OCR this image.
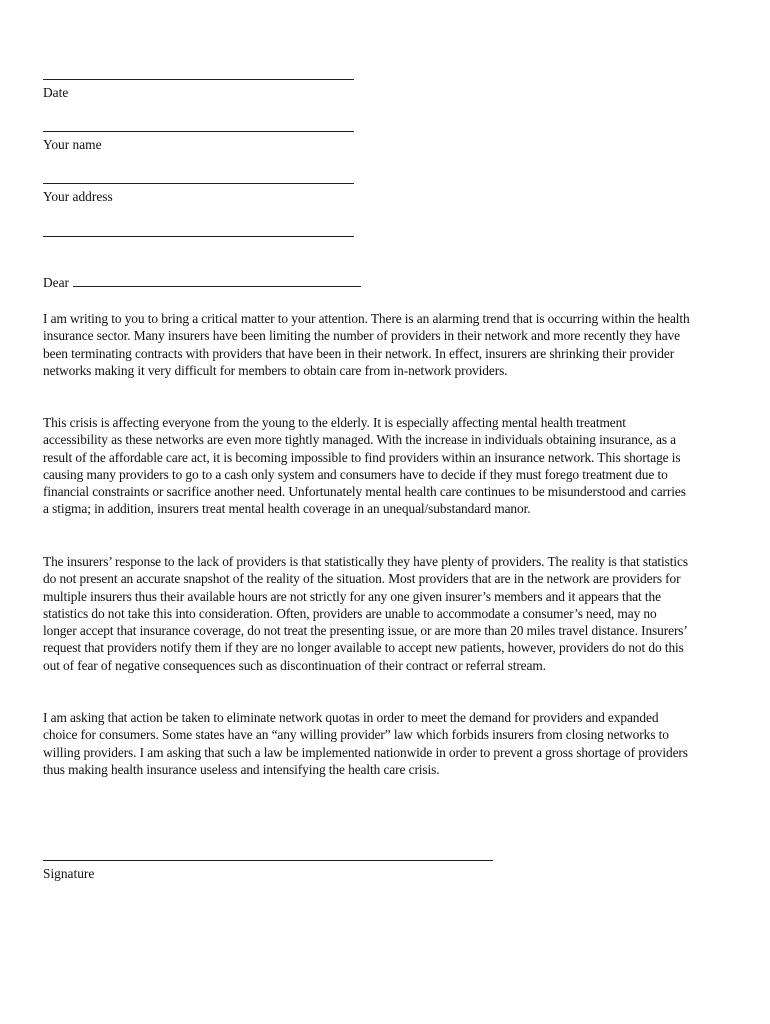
Date
Your name
Your address
Dear

I am writing to you to bring a critical matter to your attention. There is an alarming trend that is occurring within the health insurance sector. Many insurers have been limiting the number of providers in their network and more recently they have been terminating contracts with providers that have been in their network. In effect, insurers are shrinking their provider networks making it very difficult for members to obtain care from in-network providers.

This crisis is affecting everyone from the young to the elderly. It is especially affecting mental health treatment accessibility as these networks are even more tightly managed. With the increase in individuals obtaining insurance, as a result of the affordable care act, it is becoming impossible to find providers within an insurance network. This shortage is causing many providers to go to a cash only system and consumers have to decide if they must forego treatment due to financial constraints or sacrifice another need. Unfortunately mental health care continues to be misunderstood and carries a stigma; in addition, insurers treat mental health coverage in an unequal/substandard manor.

The insurers’ response to the lack of providers is that statistically they have plenty of providers. The reality is that statistics do not present an accurate snapshot of the reality of the situation. Most providers that are in the network are providers for multiple insurers thus their available hours are not strictly for any one given insurer’s members and it appears that the statistics do not take this into consideration. Often, providers are unable to accommodate a consumer’s need, may no longer accept that insurance coverage, do not treat the presenting issue, or are more than 20 miles travel distance. Insurers’ request that providers notify them if they are no longer available to accept new patients, however, providers do not do this out of fear of negative consequences such as discontinuation of their contract or referral stream.

I am asking that action be taken to eliminate network quotas in order to meet the demand for providers and expanded choice for consumers. Some states have an “any willing provider” law which forbids insurers from closing networks to willing providers. I am asking that such a law be implemented nationwide in order to prevent a gross shortage of providers thus making health insurance useless and intensifying the health care crisis.

Signature
